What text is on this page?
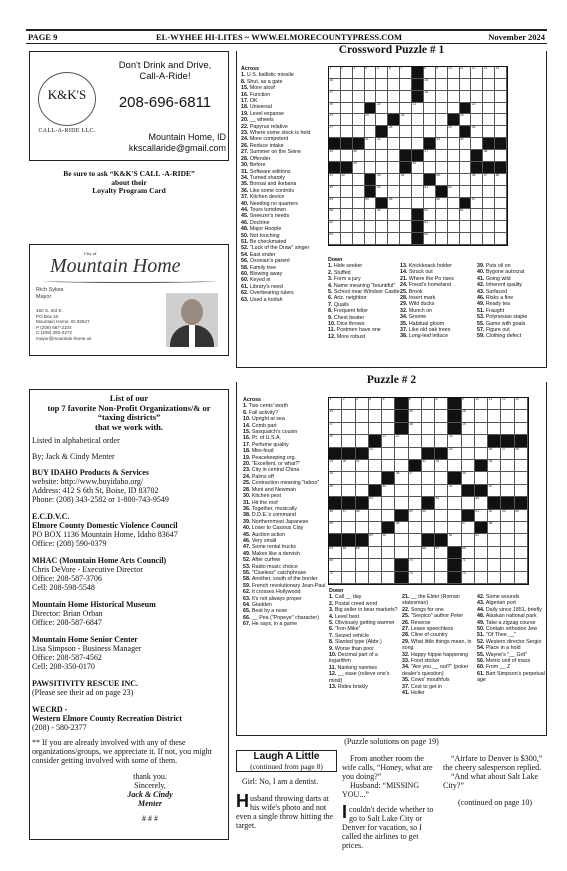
PAGE 9	EL-WYHEE HI-LITES ~ WWW.ELMORECOUNTYPRESS.COM	November 2024
K&K'S
CALL-A-RIDE LLC.
Don't Drink and Drive,
Call-A-Ride!
208-696-6811
Mountain Home, ID
kkscallaride@gmail.com
Be sure to ask “K&K'S CALL -A-RIDE”
about their
Loyalty Program Card
City of
Mountain Home
Rich Sykes
Mayor
160 S. 3rd E.
PO Box 10
Mountain Home, ID 83647
P (208) 587-2104
C (208) 350-0272
mayor@mountain-home.us
List of our
top 7 favorite Non-Profit Organizations/& or
“taxing districts”
that we work with.
Listed in alphabetical order
By; Jack & Cindy Menter
BUY IDAHO Products & Services
website: http://www.buyidaho.org/
Address: 412 S 6th St, Boise, ID 83702
Phone: (208) 343-2582 or 1-800-743-9549
E.C.D.V.C.
Elmore County Domestic Violence Council
PO BOX 1136 Mountain Home, Idaho 83647
Office: (208) 590-0379
MHAC (Mountain Home Arts Council)
Chris DeVore - Executive Director
Office: 208-587-3706
Cell: 208-598-5548
Mountain Home Historical Museum
Director: Brian Orban
Office: 208-587-6847
Mountain Home Senior Center
Lisa Simpson - Business Manager
Office: 208-587-4562
Cell: 208-350-0170
PAWSITIVITY RESCUE INC.
(Please see their ad on page 23)
WECRD -
Western Elmore County Recreation District
(208) - 580-2377
** If you are already involved with any of these organizations/groups, we appreciate it. If not, you might consider getting involved with some of them.
thank you.
Sincerely,
Jack & Cindy
Menter
# # #
Crossword Puzzle # 1
Across
1. U.S. ballistic missile
8. Shut, as a gate
15. More aloof
16. Function
17. OK
18. Universal
19. Level expanse
20. __ wheels
22. Papyrus relative
23. Where some stock is held
24. More competent
26. Reduce intake
27. Summer on the Seine
28. Offender
30. Before
31. Software editions
34. Turned sharply
35. Bonsai and ikebana
36. Like some controls
37. Kitchen device
40. Needing no quarters
44. Tours turndown
45. Sneezer's needs
46. Doctrine
48. Major Hoople
50. Not touching
51. Be checkmated
52. "Luck of the Draw" singer
54. East ender
56. Oxonian's parent
58. Family tree
60. Blowing away
60. Keyed in
61. Library's need
62. Overbearing rulers
63. Used a loofah
1	2	3	4	5	6	7	8	9	10	11	12	13	14
15	16
17	18
19	20	21	22
23	24	25	26
27	28	29	30
31	32	33	34
35	36	37	38
39	40
41	42	43	44	45	46	47	48
49	50	51	52
53	54	55	56	57
58	59	60	61
62	63
64	65
Down
1. Hide seeker
2. Stuffed
3. Form a jury
4. Name meaning "bountiful"
5. School near Windsor Castle
6. Ariz. neighbor
7. Quails
8. Frequent feller
9. Chest beater
10. Dice throws
11. Postmen have one
12. More robust
13. Knickknack holder
14. Struck out
21. Where the Po rises
24. Freud's homeland
25. Brook
28. Insert mark
29. Wild ducks
32. Munch on
34. Gnome
35. Habitual gloom
37. Like old oak trees
38. Long-leaf lettuce
39. Puts oil on
40. Bygone autocrat
41. Going wild
42. Inherent quality
43. Surfaced
46. Risks a fine
49. Ready tea
51. Fraught
53. Polynesian staple
55. Game with goals
57. Figure out
59. Clothing defect
Puzzle # 2
Across
1. Two cents' worth
6. Fall activity?
10. Upright at sea
14. Comb part
15. Sasquatch's cousin
16. Pt. of U.S.A.
17. Perfume quality
18. Mini-feud
19. Peacekeeping org.
20. "Excellent, or what?"
23. City in central China
24. Palms off
25. Contraction meaning "taboo"
28. Muni and Newman
30. Kitchen pest
31. Hit the roof
36. Together, musically
38. D.D.E.'s command
39. Northernmost Japanese
40. Loser to Cassius Clay
45. Auction action
46. Very small
47. Some rental trucks
49. Makes like a dervish
52. After curfew
53. Radio music choice
55. "Clueless" catchphrase
58. Another, south of the border
59. French revolutionary Jean-Paul
62. It crosses Hollywood
63. It's not always proper
64. Gladden
65. Beat by a nose
66. __ Pea ("Popeye" character)
67. He says, in a game
1	2	3	4	5	6	7	8	9	10	11	12	13
14	15	16
17	18	19
20	21	22	23
24	25	26	27	28
29	30	31	32	33	34
35	36	37	38
39	40	41	42
43	44	45
46	47	48	49	50	51	52	53	54
55	56	57	58
59	60	61	62
63	64	65	66	67	68
69	70	71
72	73	74
Down
1. Call __ day
2. Postal creed word
3. Big seller in bear markets?
4. Level best
5. Obviously getting warmer
6. "Iron Mike"
7. Seized vehicle
8. Slanted type (Abbr.)
9. Worse than poor
10. Decimal part of a logarithm
11. Nanking nannies
12. __ ease (relieve one's mind)
13. Rides briskly
21. __ the Elder (Roman statesman)
22. Songs for one
25. "Serpico" author Peter
26. Reverse
27. Leave speechless
28. Cline of country
29. What little things mean, in song
32. Happy hippie happening
33. Food sticker
34. "Are you __ out?" (poker dealer's question)
35. Cows' mouthfuls
37. Cost to get in
41. Holler
42. Some wounds
43. Algerian port
44. Daily since 1851, briefly
48. Alaskan national park
49. Take a zigzag course
50. Contain orthodox Jew
51. "Of Thee __"
52. Western director Sergio
54. Place in a hold
55. Wayne's "__ Grit"
56. Metric unit of mass
60. From __ Z
61. Bart Simpson's perpetual age
(Puzzle solutions on page 19)
Laugh A Little
(continued from page 8)
Girl: No, I am a dentist.
H usband throwing darts at his wife's photo and not even a single throw hitting the target.
From another room the wife calls, “Honey, what are you doing?”
Husband: “MISSING YOU...”
I couldn't decide whether to go to Salt Lake City or Denver for vacation, so I called the airlines to get prices.
“Airfare to Denver is $300,” the cheery salesperson replied.
“And what about Salt Lake City?”
(continued on page 10)
